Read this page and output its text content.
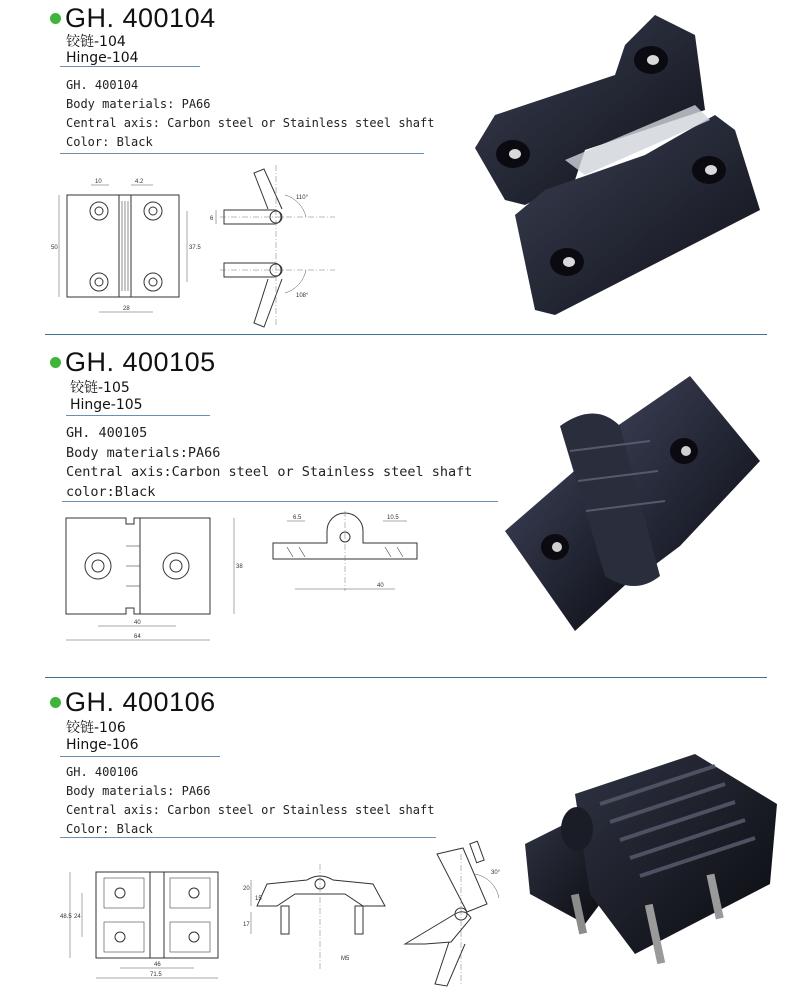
GH. 400104
铰链-104
Hinge-104
GH. 400104
Body materials: PA66
Central axis: Carbon steel or Stainless steel shaft
Color: Black
50
10	4.2
37.5
28
6
110°
108°
GH. 400105
铰链-105
Hinge-105
GH. 400105
Body materials:PA66
Central axis:Carbon steel or Stainless steel shaft
color:Black
40
64
38
6.5	10.5
40
GH. 400106
铰链-106
Hinge-106
GH. 400106
Body materials: PA66
Central axis: Carbon steel or Stainless steel shaft
Color: Black
48.5 24
46
71.5
20
15
17
M5
30°
